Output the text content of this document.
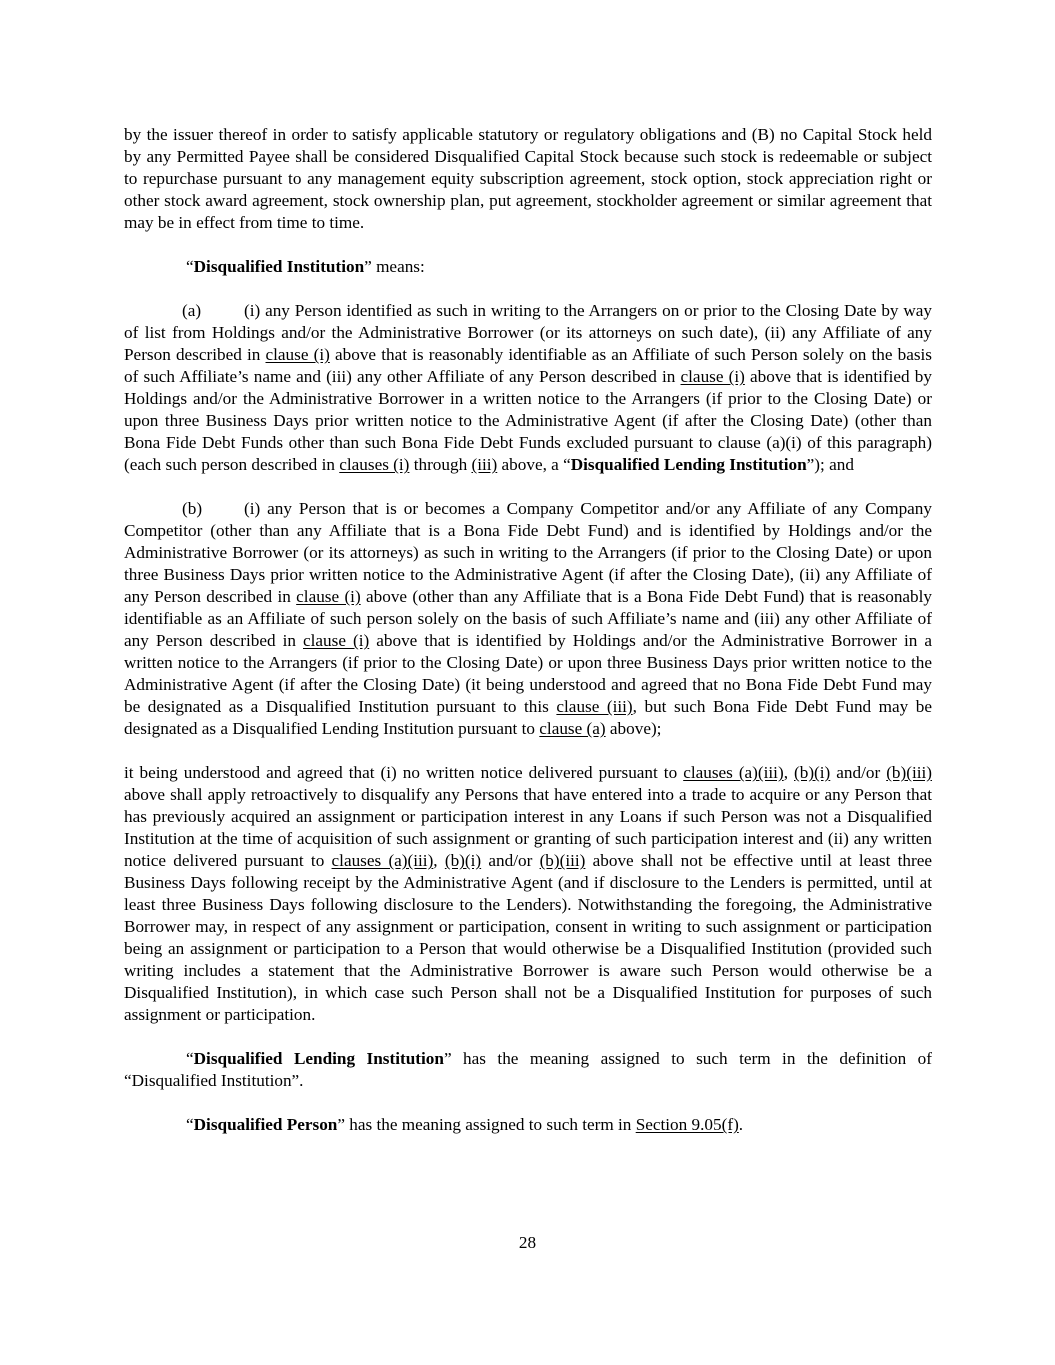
by the issuer thereof in order to satisfy applicable statutory or regulatory obligations and (B) no Capital Stock held by any Permitted Payee shall be considered Disqualified Capital Stock because such stock is redeemable or subject to repurchase pursuant to any management equity subscription agreement, stock option, stock appreciation right or other stock award agreement, stock ownership plan, put agreement, stockholder agreement or similar agreement that may be in effect from time to time.

“Disqualified Institution” means:

(a) (i) any Person identified as such in writing to the Arrangers on or prior to the Closing Date by way of list from Holdings and/or the Administrative Borrower (or its attorneys on such date), (ii) any Affiliate of any Person described in clause (i) above that is reasonably identifiable as an Affiliate of such Person solely on the basis of such Affiliate’s name and (iii) any other Affiliate of any Person described in clause (i) above that is identified by Holdings and/or the Administrative Borrower in a written notice to the Arrangers (if prior to the Closing Date) or upon three Business Days prior written notice to the Administrative Agent (if after the Closing Date) (other than Bona Fide Debt Funds other than such Bona Fide Debt Funds excluded pursuant to clause (a)(i) of this paragraph) (each such person described in clauses (i) through (iii) above, a “Disqualified Lending Institution”); and

(b) (i) any Person that is or becomes a Company Competitor and/or any Affiliate of any Company Competitor (other than any Affiliate that is a Bona Fide Debt Fund) and is identified by Holdings and/or the Administrative Borrower (or its attorneys) as such in writing to the Arrangers (if prior to the Closing Date) or upon three Business Days prior written notice to the Administrative Agent (if after the Closing Date), (ii) any Affiliate of any Person described in clause (i) above (other than any Affiliate that is a Bona Fide Debt Fund) that is reasonably identifiable as an Affiliate of such person solely on the basis of such Affiliate’s name and (iii) any other Affiliate of any Person described in clause (i) above that is identified by Holdings and/or the Administrative Borrower in a written notice to the Arrangers (if prior to the Closing Date) or upon three Business Days prior written notice to the Administrative Agent (if after the Closing Date) (it being understood and agreed that no Bona Fide Debt Fund may be designated as a Disqualified Institution pursuant to this clause (iii), but such Bona Fide Debt Fund may be designated as a Disqualified Lending Institution pursuant to clause (a) above);

it being understood and agreed that (i) no written notice delivered pursuant to clauses (a)(iii), (b)(i) and/or (b)(iii) above shall apply retroactively to disqualify any Persons that have entered into a trade to acquire or any Person that has previously acquired an assignment or participation interest in any Loans if such Person was not a Disqualified Institution at the time of acquisition of such assignment or granting of such participation interest and (ii) any written notice delivered pursuant to clauses (a)(iii), (b)(i) and/or (b)(iii) above shall not be effective until at least three Business Days following receipt by the Administrative Agent (and if disclosure to the Lenders is permitted, until at least three Business Days following disclosure to the Lenders). Notwithstanding the foregoing, the Administrative Borrower may, in respect of any assignment or participation, consent in writing to such assignment or participation being an assignment or participation to a Person that would otherwise be a Disqualified Institution (provided such writing includes a statement that the Administrative Borrower is aware such Person would otherwise be a Disqualified Institution), in which case such Person shall not be a Disqualified Institution for purposes of such assignment or participation.

“Disqualified Lending Institution” has the meaning assigned to such term in the definition of “Disqualified Institution”.

“Disqualified Person” has the meaning assigned to such term in Section 9.05(f).

28
